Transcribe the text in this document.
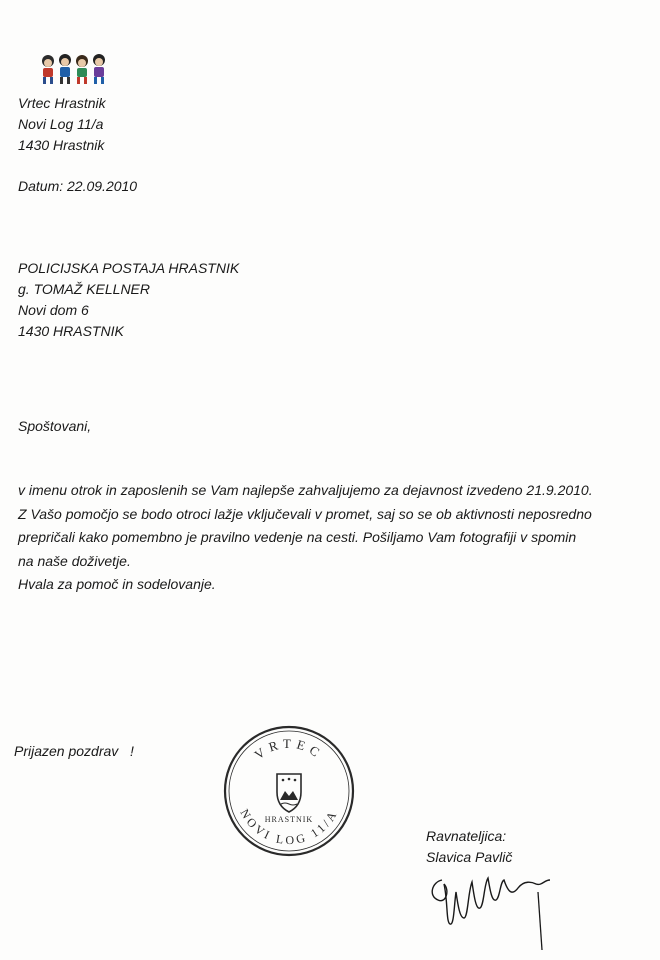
Vrtec Hrastnik
Novi Log 11/a
1430 Hrastnik
Datum: 22.09.2010
POLICIJSKA POSTAJA HRASTNIK
g. TOMAŽ KELLNER
Novi dom 6
1430 HRASTNIK
Spoštovani,
v imenu otrok in zaposlenih se Vam najlepše zahvaljujemo za dejavnost izvedeno 21.9.2010.
Z Vašo pomočjo se bodo otroci lažje vključevali v promet, saj so se ob aktivnosti neposredno
prepričali kako pomembno je pravilno vedenje na cesti. Pošiljamo Vam fotografiji v spomin
na naše doživetje.
Hvala za pomoč in sodelovanje.
Prijazen pozdrav   !	VRTEC
NOVI LOG 11/A
HRASTNIK
Ravnateljica:
Slavica Pavlič
